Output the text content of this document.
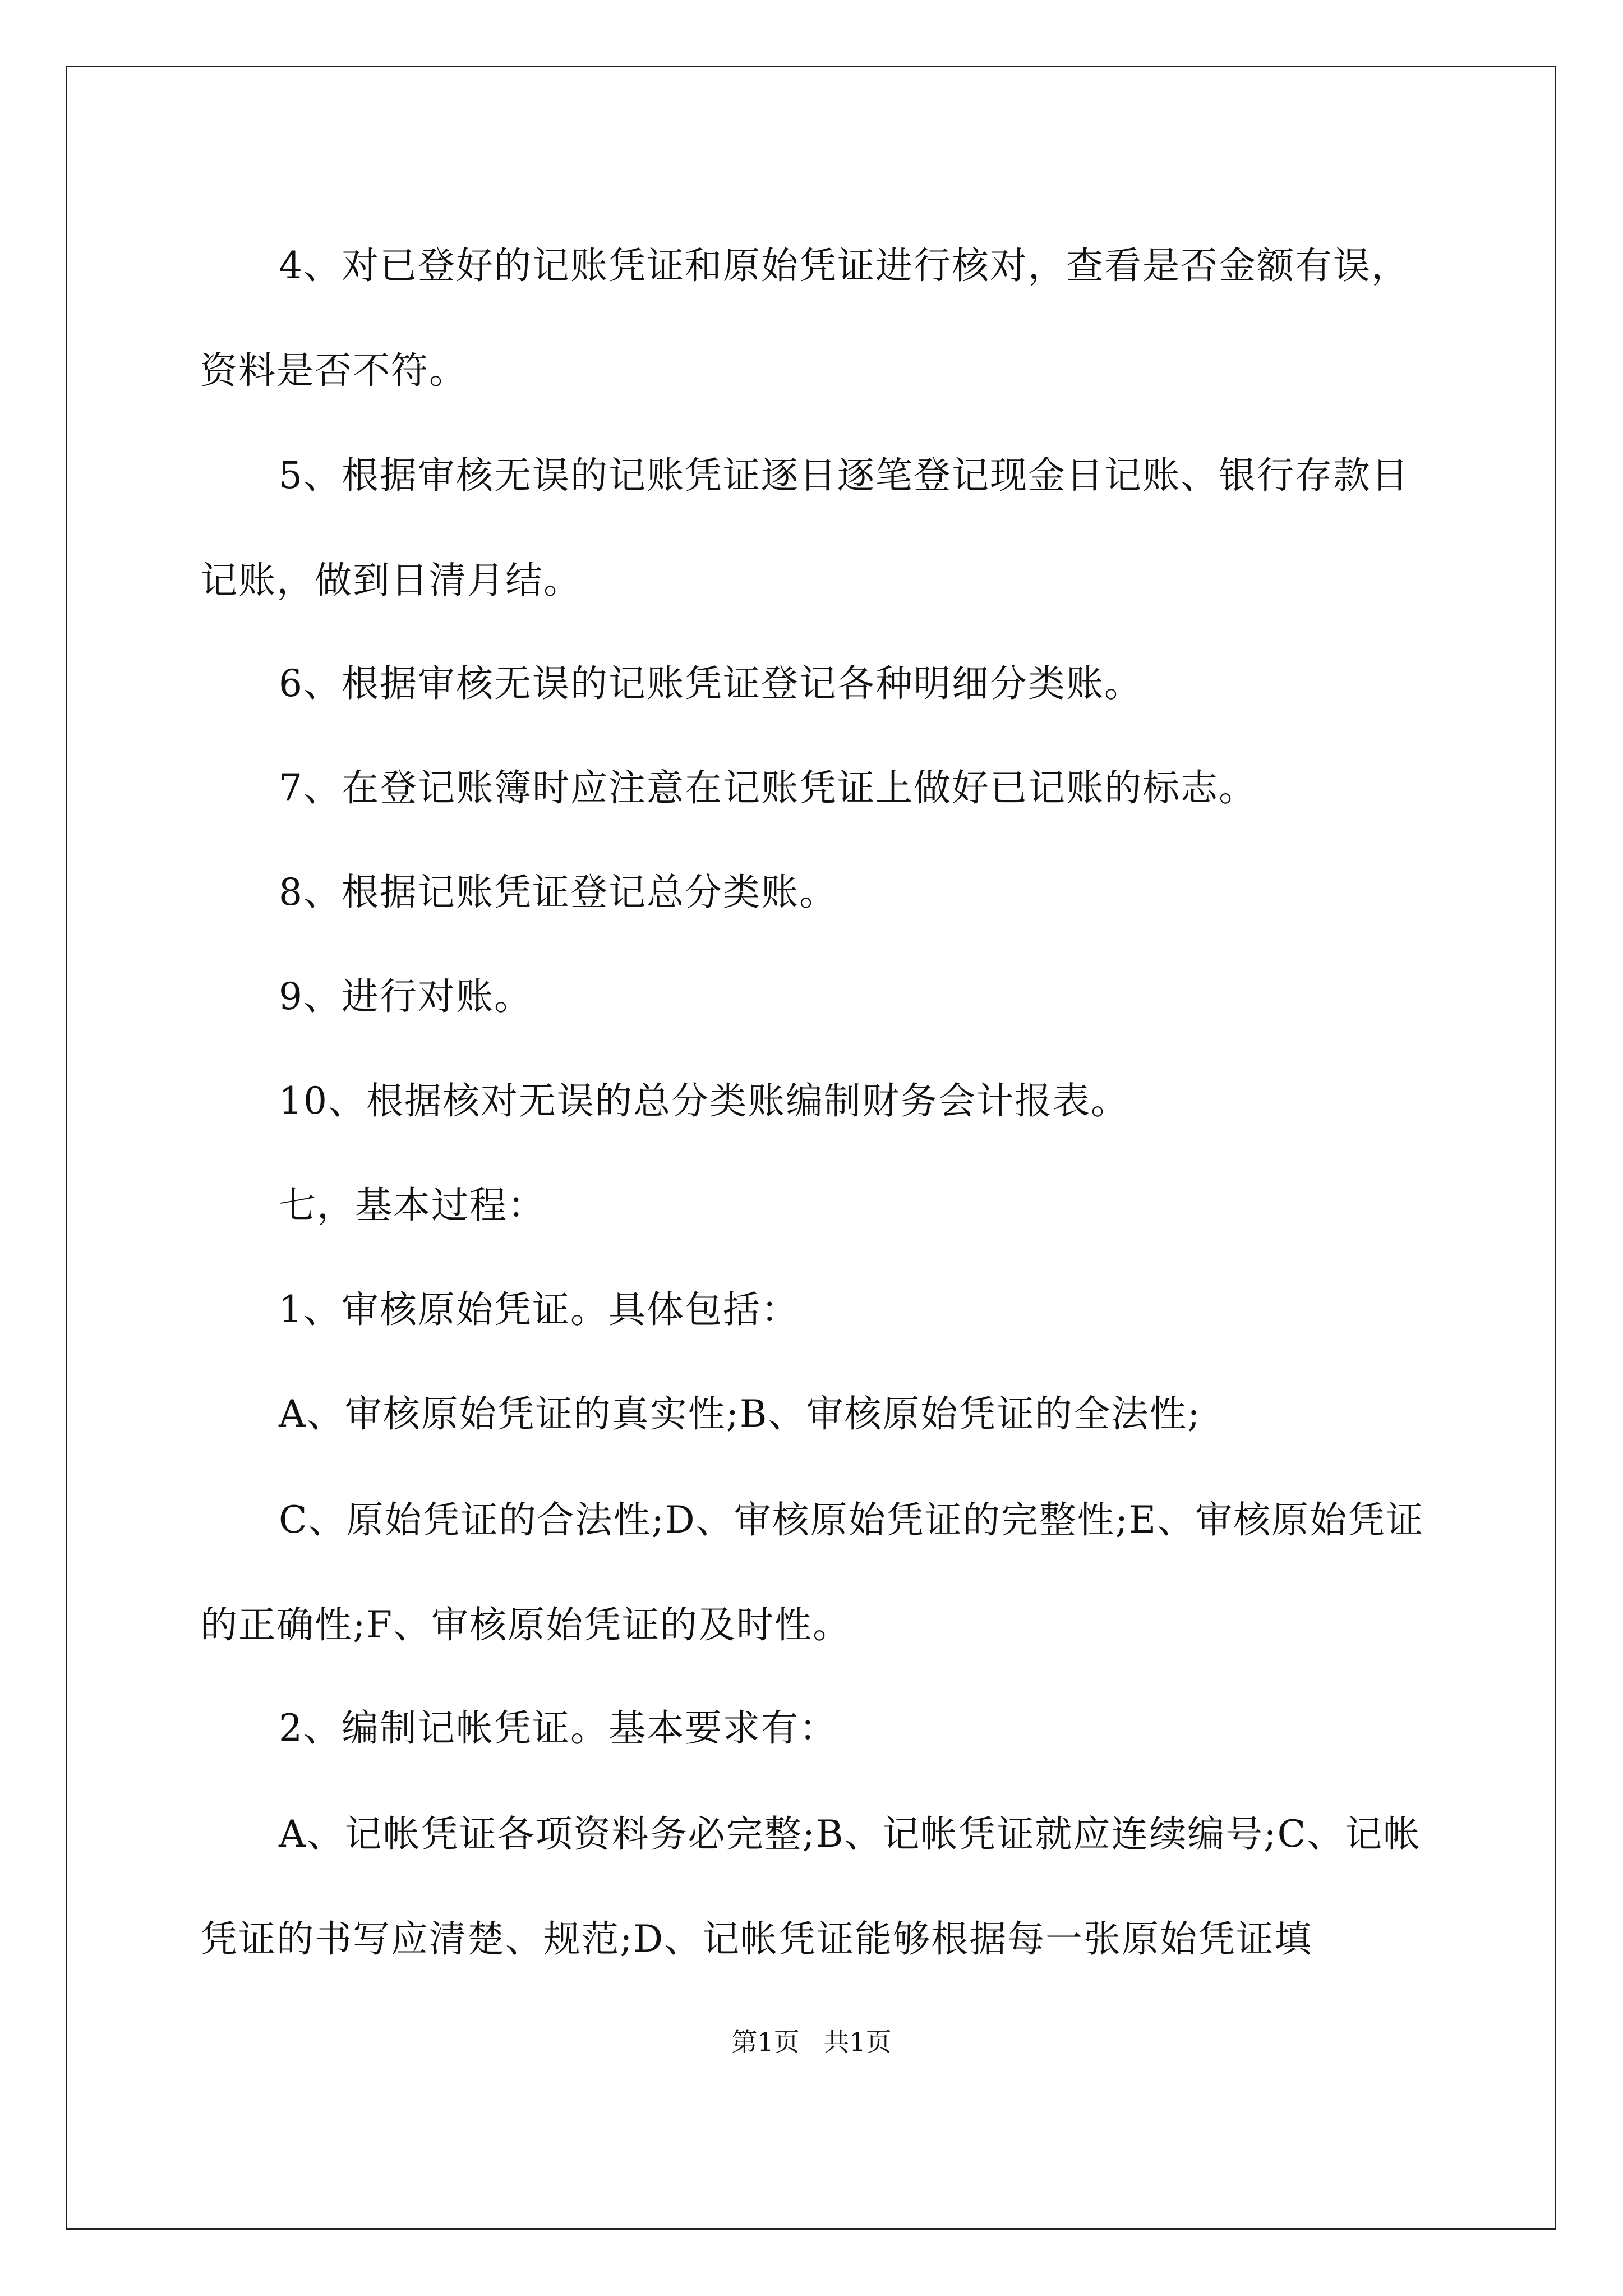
4、对已登好的记账凭证和原始凭证进行核对，查看是否金额有误，资料是否不符。

5、根据审核无误的记账凭证逐日逐笔登记现金日记账、银行存款日记账，做到日清月结。

6、根据审核无误的记账凭证登记各种明细分类账。

7、在登记账簿时应注意在记账凭证上做好已记账的标志。

8、根据记账凭证登记总分类账。

9、进行对账。

10、根据核对无误的总分类账编制财务会计报表。

七，基本过程：

1、审核原始凭证。具体包括：

A、审核原始凭证的真实性;B、审核原始凭证的全法性;

C、原始凭证的合法性;D、审核原始凭证的完整性;E、审核原始凭证的正确性;F、审核原始凭证的及时性。

2、编制记帐凭证。基本要求有：

A、记帐凭证各项资料务必完整;B、记帐凭证就应连续编号;C、记帐凭证的书写应清楚、规范;D、记帐凭证能够根据每一张原始凭证填

第1页 共1页
